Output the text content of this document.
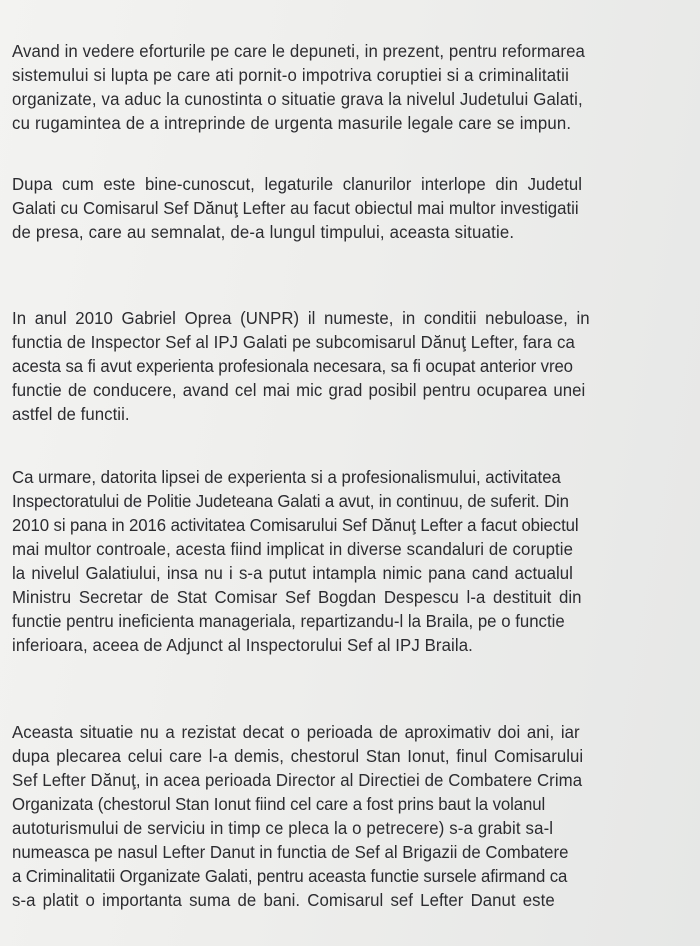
Avand in vedere eforturile pe care le depuneti, in prezent, pentru reformarea sistemului si lupta pe care ati pornit-o impotriva coruptiei si a criminalitatii organizate, va aduc la cunostinta o situatie grava la nivelul Judetului Galati, cu rugamintea de a intreprinde de urgenta masurile legale care se impun.
Dupa cum este bine-cunoscut, legaturile clanurilor interlope din Judetul Galati cu Comisarul Sef Dănuţ Lefter au facut obiectul mai multor investigatii de presa, care au semnalat, de-a lungul timpului, aceasta situatie.
In anul 2010 Gabriel Oprea (UNPR) il numeste, in conditii nebuloase, in functia de Inspector Sef al IPJ Galati pe subcomisarul Dănuţ Lefter, fara ca acesta sa fi avut experienta profesionala necesara, sa fi ocupat anterior vreo functie de conducere, avand cel mai mic grad posibil pentru ocuparea unei astfel de functii.
Ca urmare, datorita lipsei de experienta si a profesionalismului, activitatea Inspectoratului de Politie Judeteana Galati a avut, in continuu, de suferit. Din 2010 si pana in 2016 activitatea Comisarului Sef Dănuţ Lefter a facut obiectul mai multor controale, acesta fiind implicat in diverse scandaluri de coruptie la nivelul Galatiului, insa nu i s-a putut intampla nimic pana cand actualul Ministru Secretar de Stat Comisar Sef Bogdan Despescu l-a destituit din functie pentru ineficienta manageriala, repartizandu-l la Braila, pe o functie inferioara, aceea de Adjunct al Inspectorului Sef al IPJ Braila.
Aceasta situatie nu a rezistat decat o perioada de aproximativ doi ani, iar dupa plecarea celui care l-a demis, chestorul Stan Ionut, finul Comisarului Sef Lefter Dănuţ, in acea perioada Director al Directiei de Combatere Crima Organizata (chestorul Stan Ionut fiind cel care a fost prins baut la volanul autoturismului de serviciu in timp ce pleca la o petrecere) s-a grabit sa-l numeasca pe nasul Lefter Danut in functia de Sef al Brigazii de Combatere a Criminalitatii Organizate Galati, pentru aceasta functie sursele afirmand ca s-a platit o importanta suma de bani. Comisarul sef Lefter Danut este
